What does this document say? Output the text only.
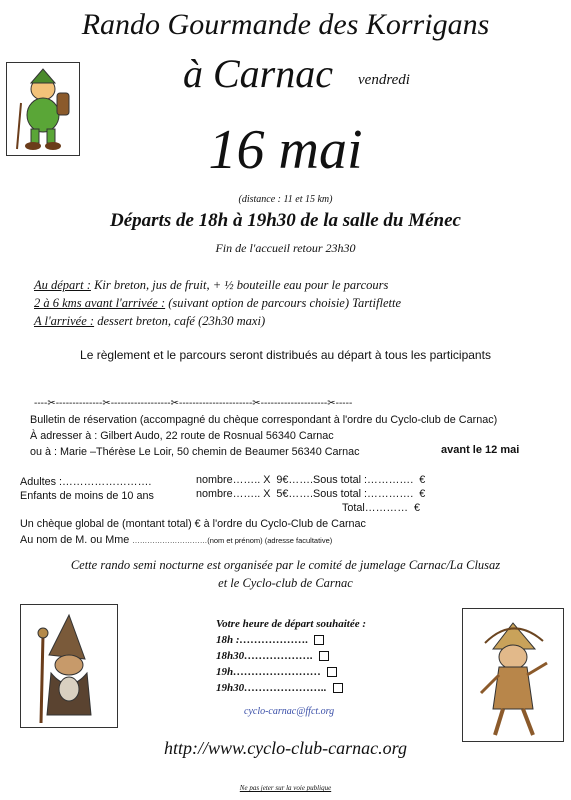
Rando Gourmande des Korrigans
à Carnac vendredi
16 mai
(distance : 11 et 15 km)
Départs de 18h à 19h30 de la salle du Ménec
Fin de l'accueil retour 23h30
Au départ : Kir breton, jus de fruit, + ½ bouteille eau pour le parcours
2 à 6 kms avant l'arrivée : (suivant option de parcours choisie) Tartiflette
A l'arrivée : dessert breton, café (23h30 maxi)
Le règlement et le parcours seront distribués au départ à tous les participants
----✂--------------✂------------------✂----------------------✂--------------------✂-----
Bulletin de réservation (accompagné du chèque correspondant à l'ordre du Cyclo-club de Carnac)
À adresser à : Gilbert Audo, 22 route de Rosnual 56340 Carnac
ou à : Marie –Thérèse Le Loir, 50 chemin de Beaumer 56340 Carnac	avant le 12 mai
Adultes :…………………….	nombre…….. X  9€…….Sous total :………….  €
Enfants de moins de 10 ans	nombre…….. X  5€…….Sous total :………….  €
Total…………  €
Un chèque global de (montant total) € à l'ordre du Cyclo-Club de Carnac
Au nom de M. ou Mme …………………………(nom et prénom) (adresse facultative)
Cette rando semi nocturne est organisée par le comité de jumelage Carnac/La Clusaz
et le Cyclo-club de Carnac
Votre heure de départ souhaitée :
18h :……………….
18h30……………….
19h……………………
19h30…………………..
cyclo-carnac@ffct.org
http://www.cyclo-club-carnac.org
Ne pas jeter sur la voie publique
